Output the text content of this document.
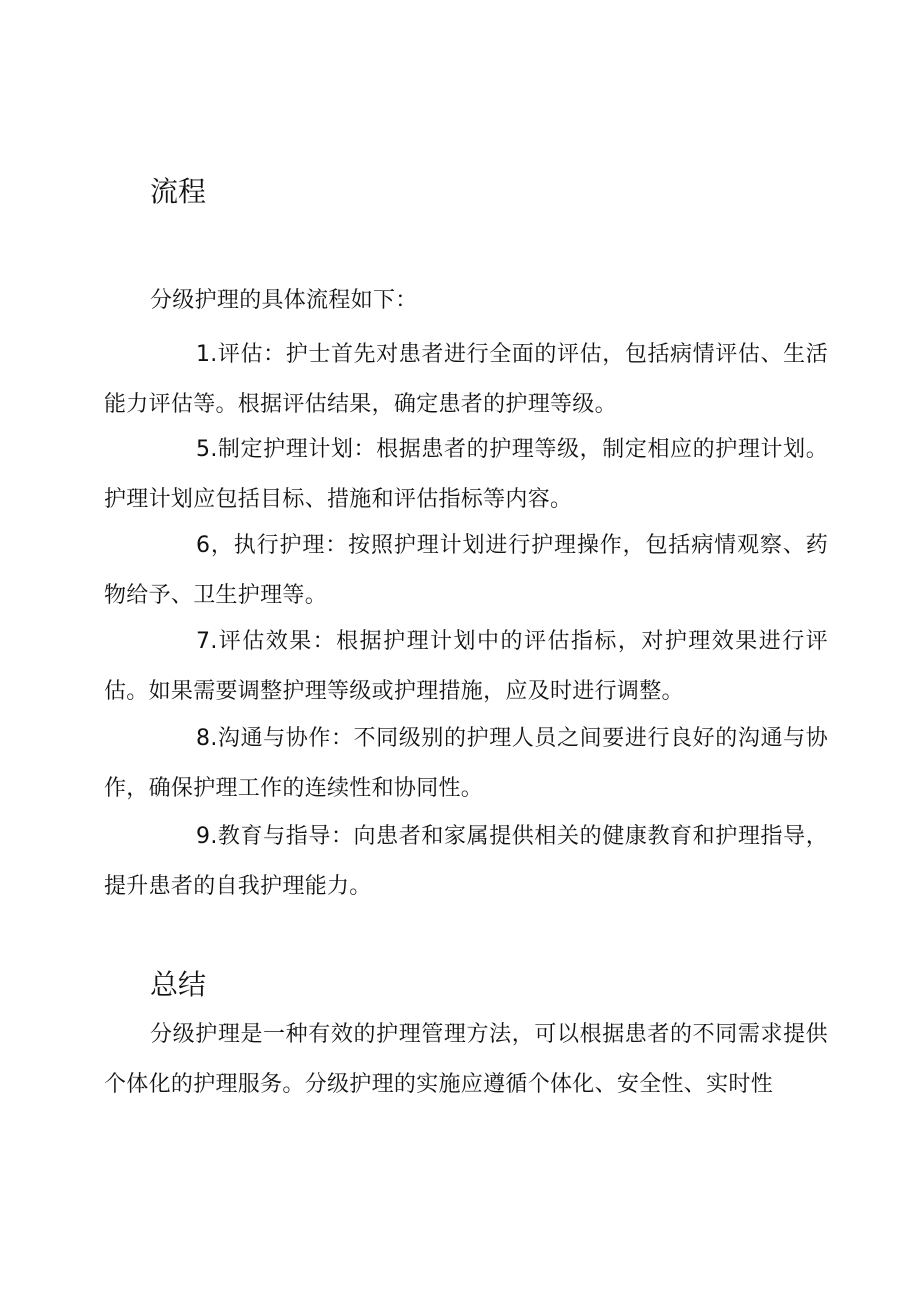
流程

分级护理的具体流程如下：

1.评估：护士首先对患者进行全面的评估，包括病情评估、生活能力评估等。根据评估结果，确定患者的护理等级。

5.制定护理计划：根据患者的护理等级，制定相应的护理计划。护理计划应包括目标、措施和评估指标等内容。

6，执行护理：按照护理计划进行护理操作，包括病情观察、药物给予、卫生护理等。

7.评估效果：根据护理计划中的评估指标，对护理效果进行评估。如果需要调整护理等级或护理措施，应及时进行调整。

8.沟通与协作：不同级别的护理人员之间要进行良好的沟通与协作，确保护理工作的连续性和协同性。

9.教育与指导：向患者和家属提供相关的健康教育和护理指导，提升患者的自我护理能力。

总结

分级护理是一种有效的护理管理方法，可以根据患者的不同需求提供个体化的护理服务。分级护理的实施应遵循个体化、安全性、实时性
